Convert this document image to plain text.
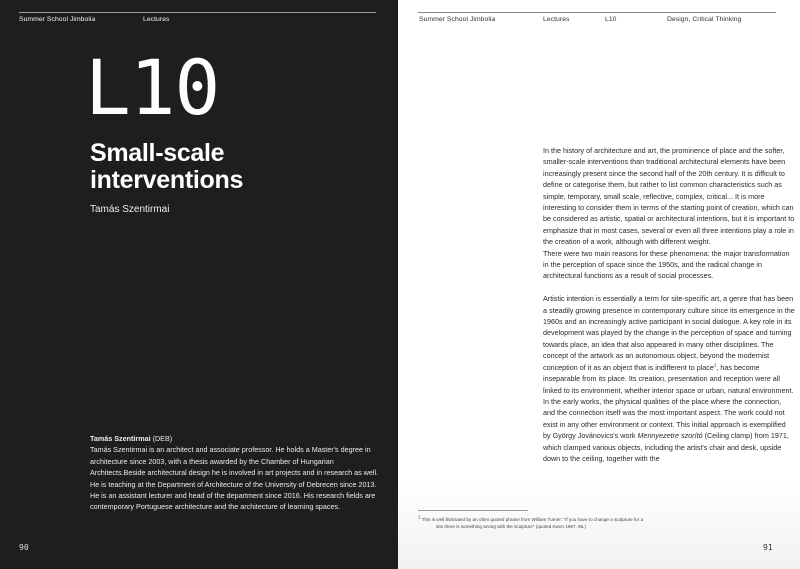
Summer School Jimbolia	Lectures
L10
Small-scale
interventions
Tamás Szentirmai
Tamás Szentirmai (DEB)
Tamás Szentirmai is an architect and associate professor. He holds a Master's degree in architecture since 2003, with a thesis awarded by the Chamber of Hungarian Architects.Beside architectural design he is involved in art projects and in research as well. He is teaching at the Department of Architecture of the University of Debrecen since 2013. He is an assistant lecturer and head of the department since 2016. His research fields are contemporary Portuguese architecture and the architecture of learning spaces.
90
Summer School Jimbolia	Lectures	L10	Design, Critical Thinking

In the history of architecture and art, the prominence of place and the softer, smaller-scale interventions than traditional architectural elements have been increasingly present since the second half of the 20th century. It is difficult to define or categorise them, but rather to list common characteristics such as simple, temporary, small scale, reflective, complex, critical... It is more interesting to consider them in terms of the starting point of creation, which can be considered as artistic, spatial or architectural intentions, but it is important to emphasize that in most cases, several or even all three intentions play a role in the creation of a work, although with different weight.
There were two main reasons for these phenomena: the major transformation in the perception of space since the 1950s, and the radical change in architectural functions as a result of social processes.

Artistic intention is essentially a term for site-specific art, a genre that has been a steadily growing presence in contemporary culture since its emergence in the 1960s and an increasingly active participant in social dialogue. A key role in its development was played by the change in the perception of space and turning towards place, an idea that also appeared in many other disciplines. The concept of the artwork as an autonomous object, beyond the modernist conception of it as an object that is indifferent to place$^1$, has become inseparable from its place. Its creation, presentation and reception were all linked to its environment, whether interior space or urban, natural environment. In the early works, the physical qualities of the place where the connection, and the connection itself was the most important aspect. The work could not exist in any other environment or context. This initial approach is exemplified by György Jovánovics's work Mennyezetre szorító (Ceiling clamp) from 1971, which clamped various objects, including the artist's chair and desk, upside down to the ceiling, together with the

$^1$ This is well illustrated by an often quoted phrase from William Turner: "If you have to change a sculpture for a
site there is something wrong with the sculpture" (quoted Kwon 1997, 85.)
91
